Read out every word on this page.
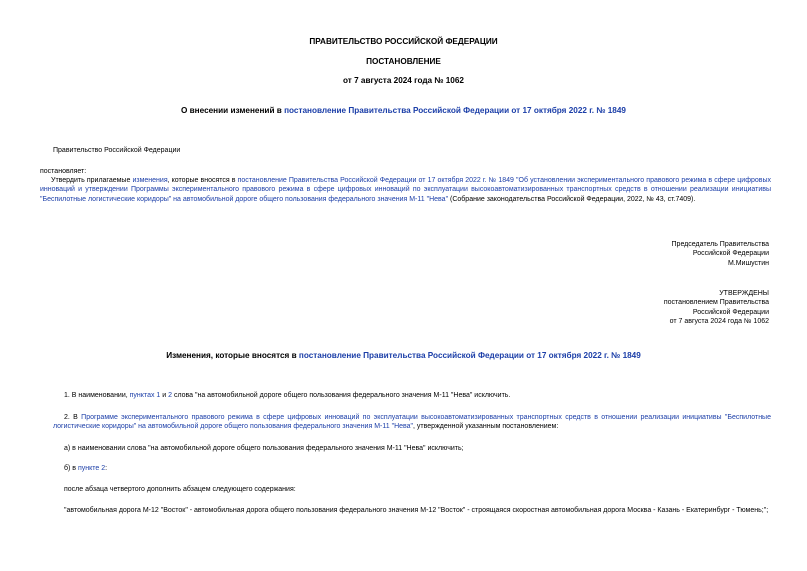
ПРАВИТЕЛЬСТВО РОССИЙСКОЙ ФЕДЕРАЦИИ
ПОСТАНОВЛЕНИЕ
от 7 августа 2024 года № 1062
О внесении изменений в постановление Правительства Российской Федерации от 17 октября 2022 г. № 1849
Правительство Российской Федерации
постановляет:

Утвердить прилагаемые изменения, которые вносятся в постановление Правительства Российской Федерации от 17 октября 2022 г. № 1849 "Об установлении экспериментального правового режима в сфере цифровых инноваций и утверждении Программы экспериментального правового режима в сфере цифровых инноваций по эксплуатации высокоавтоматизированных транспортных средств в отношении реализации инициативы "Беспилотные логистические коридоры" на автомобильной дороге общего пользования федерального значения М-11 "Нева" (Собрание законодательства Российской Федерации, 2022, № 43, ст.7409).

Председатель Правительства
Российской Федерации
М.Мишустин
УТВЕРЖДЕНЫ
постановлением Правительства
Российской Федерации
от 7 августа 2024 года № 1062
Изменения, которые вносятся в постановление Правительства Российской Федерации от 17 октября 2022 г. № 1849

1. В наименовании, пунктах 1 и 2 слова "на автомобильной дороге общего пользования федерального значения М-11 "Нева" исключить.

2. В Программе экспериментального правового режима в сфере цифровых инноваций по эксплуатации высокоавтоматизированных транспортных средств в отношении реализации инициативы "Беспилотные логистические коридоры" на автомобильной дороге общего пользования федерального значения М-11 "Нева", утвержденной указанным постановлением:

а) в наименовании слова "на автомобильной дороге общего пользования федерального значения М-11 "Нева" исключить;

б) в пункте 2:

после абзаца четвертого дополнить абзацем следующего содержания:

"автомобильная дорога М-12 "Восток" - автомобильная дорога общего пользования федерального значения М-12 "Восток" - строящаяся скоростная автомобильная дорога Москва - Казань - Екатеринбург - Тюмень;";
